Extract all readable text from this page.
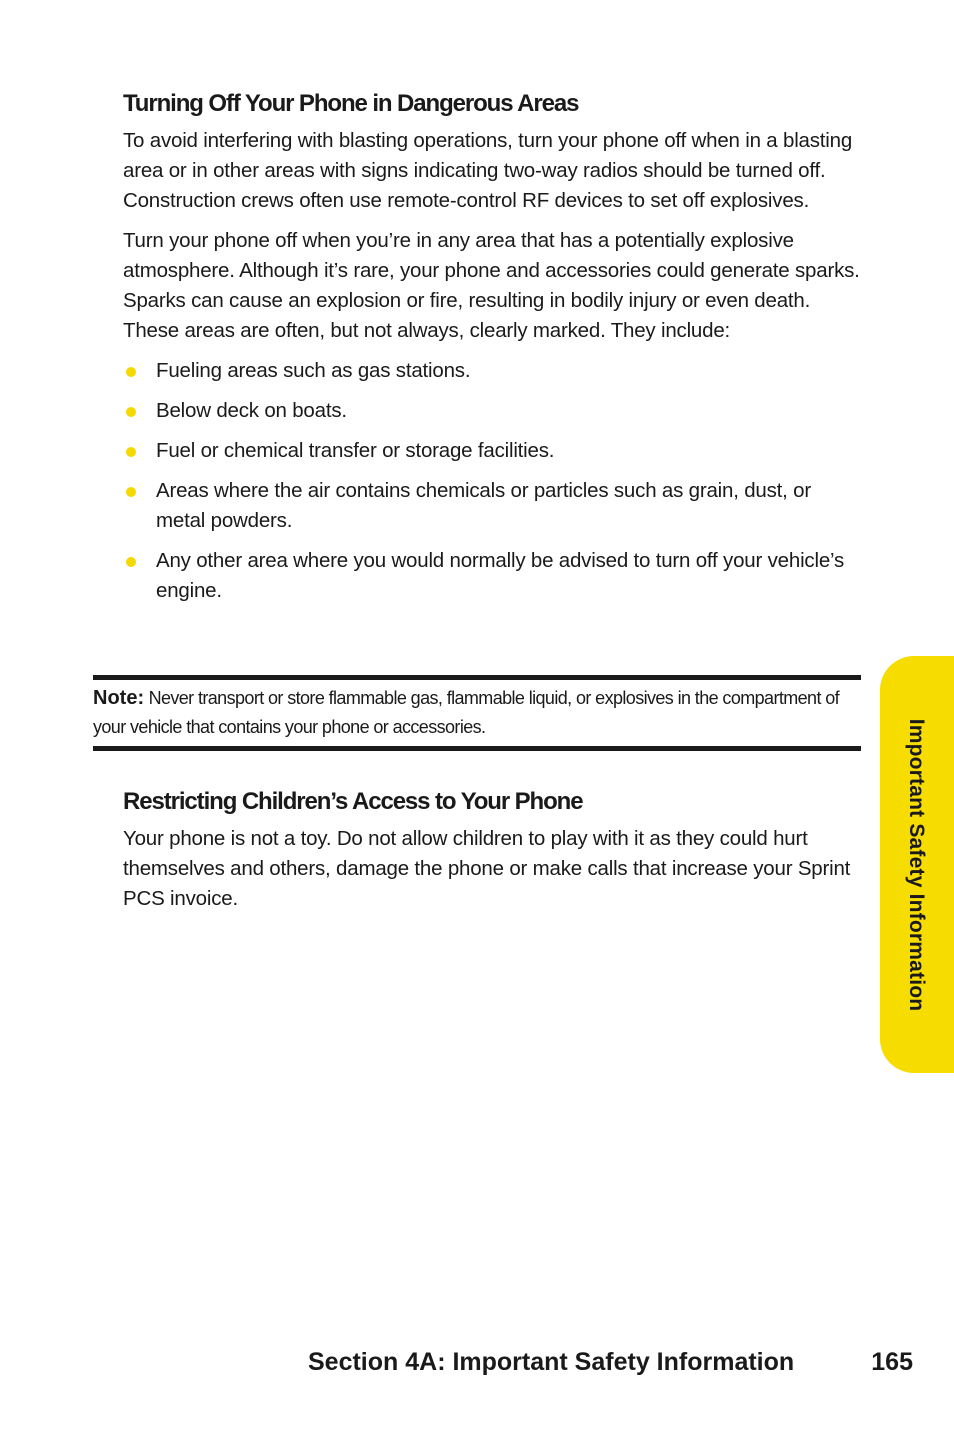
Turning Off Your Phone in Dangerous Areas

To avoid interfering with blasting operations, turn your phone off when in a blasting area or in other areas with signs indicating two-way radios should be turned off. Construction crews often use remote-control RF devices to set off explosives.

Turn your phone off when you’re in any area that has a potentially explosive atmosphere. Although it’s rare, your phone and accessories could generate sparks. Sparks can cause an explosion or fire, resulting in bodily injury or even death. These areas are often, but not always, clearly marked. They include:

Fueling areas such as gas stations.
Below deck on boats.
Fuel or chemical transfer or storage facilities.
Areas where the air contains chemicals or particles such as grain, dust, or metal powders.
Any other area where you would normally be advised to turn off your vehicle’s engine.
Note: Never transport or store flammable gas, flammable liquid, or explosives in the compartment of your vehicle that contains your phone or accessories.
Restricting Children’s Access to Your Phone

Your phone is not a toy. Do not allow children to play with it as they could hurt themselves and others, damage the phone or make calls that increase your Sprint PCS invoice.	Important Safety Information
Section 4A: Important Safety Information	165
